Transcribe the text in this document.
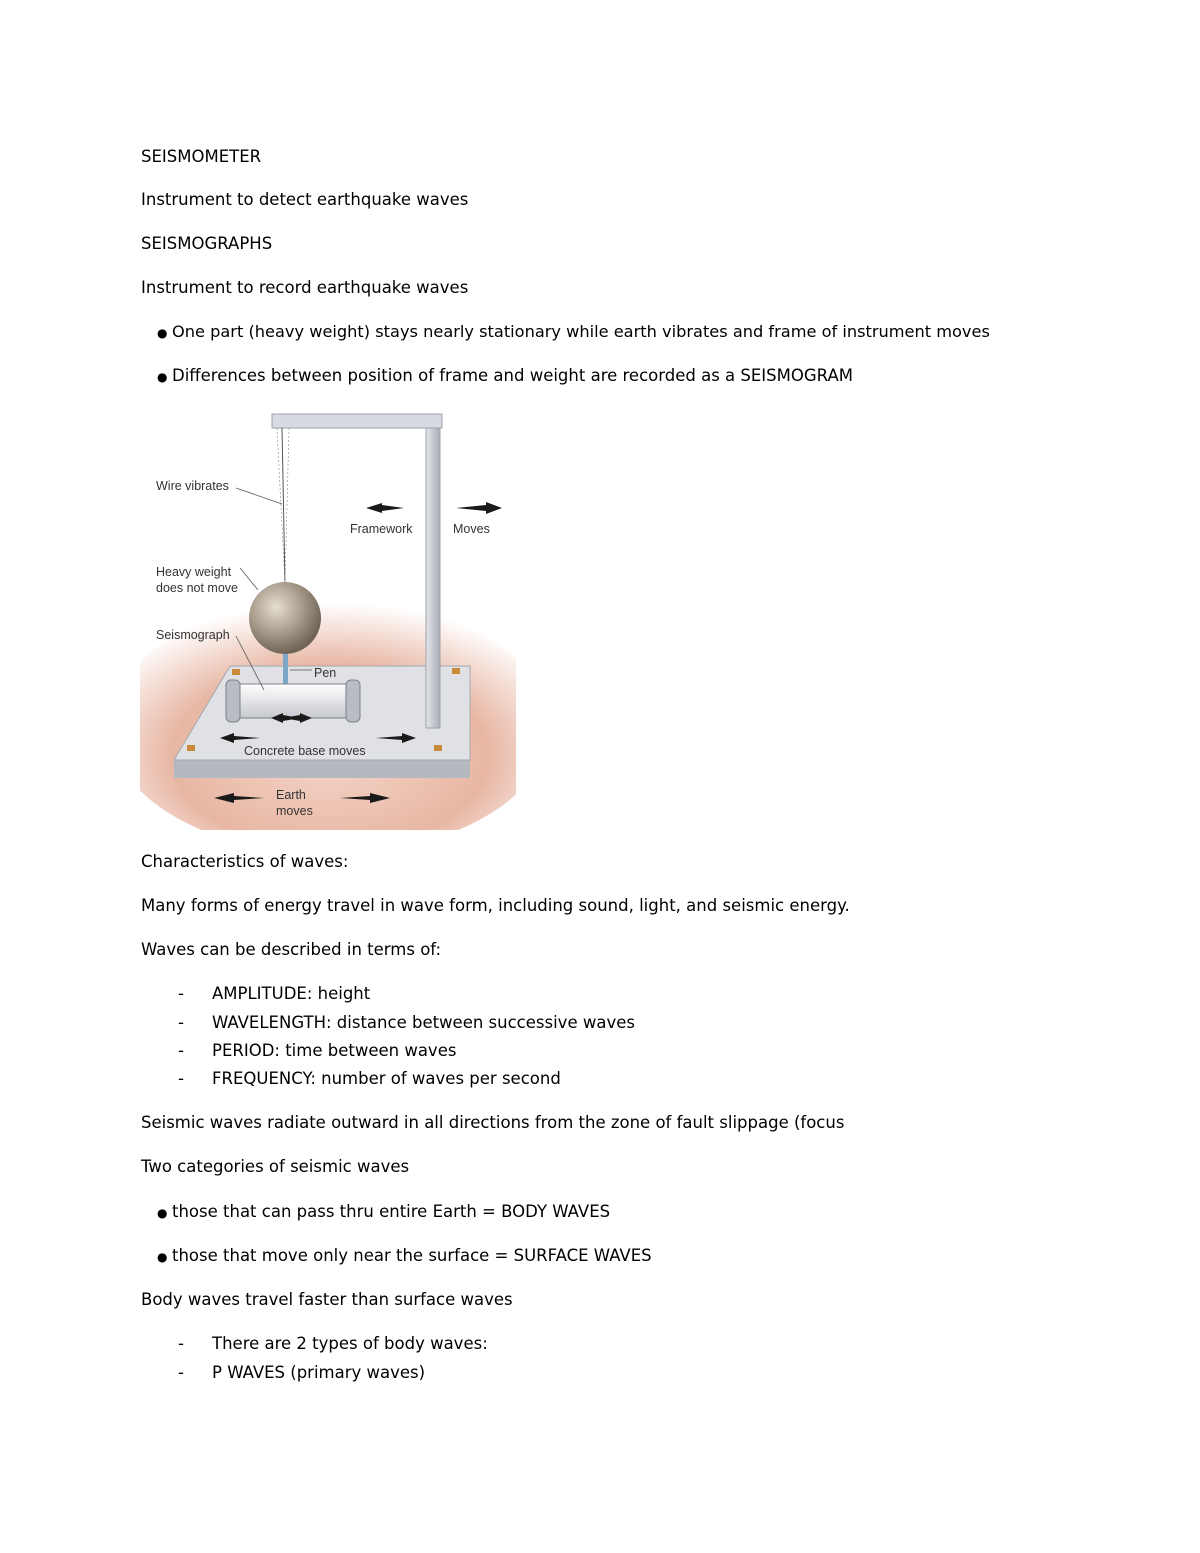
SEISMOMETER
Instrument to detect earthquake waves
SEISMOGRAPHS
Instrument to record earthquake waves
● One part (heavy weight) stays nearly stationary while earth vibrates and frame of instrument moves
● Differences between position of frame and weight are recorded as a SEISMOGRAM
Wire vibrates
Framework	Moves
Heavy weight
does not move
Seismograph
Pen
Concrete base moves
Earth
moves
Characteristics of waves:
Many forms of energy travel in wave form, including sound, light, and seismic energy.
Waves can be described in terms of:
- AMPLITUDE: height
- WAVELENGTH: distance between successive waves
- PERIOD: time between waves
- FREQUENCY: number of waves per second
Seismic waves radiate outward in all directions from the zone of fault slippage (focus
Two categories of seismic waves
● those that can pass thru entire Earth = BODY WAVES
● those that move only near the surface = SURFACE WAVES
Body waves travel faster than surface waves
- There are 2 types of body waves:
- P WAVES (primary waves)
